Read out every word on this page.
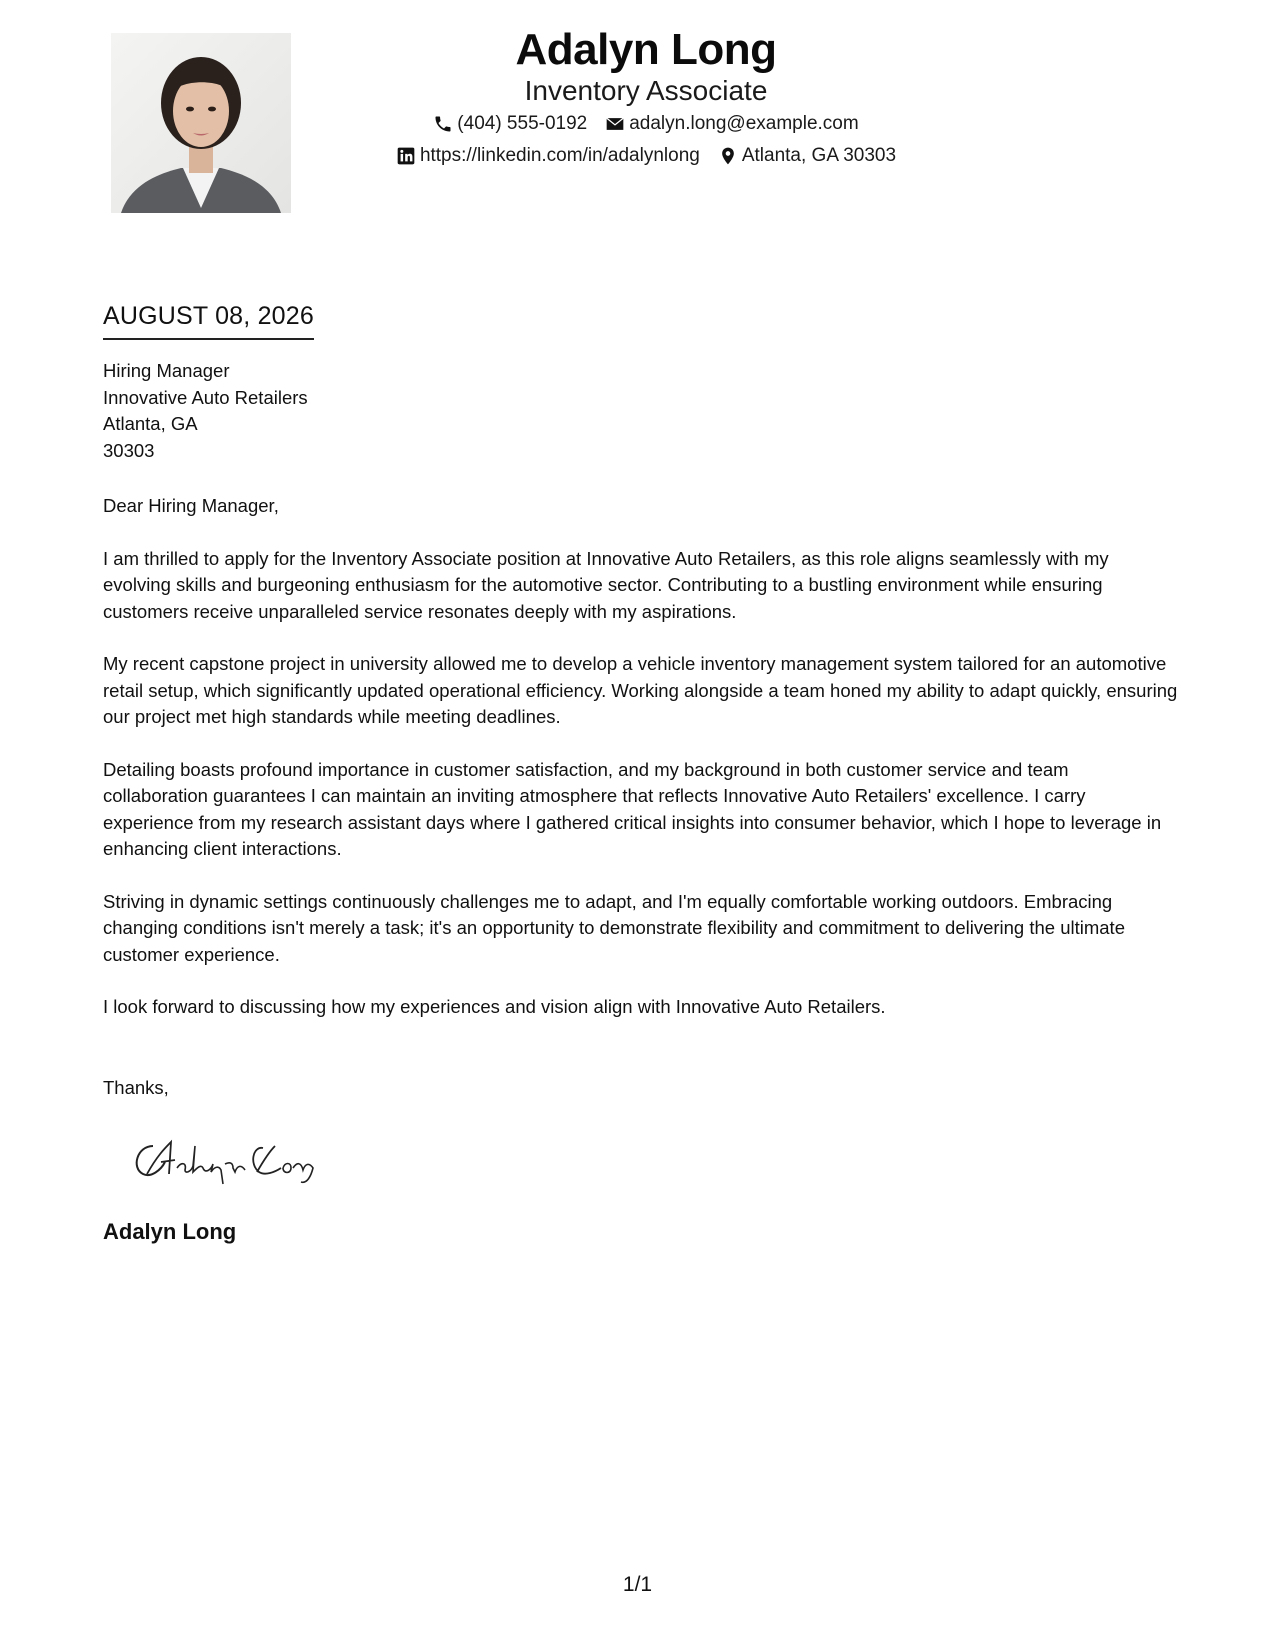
Adalyn Long
Inventory Associate
(404) 555-0192 adalyn.long@example.com
https://linkedin.com/in/adalynlong Atlanta, GA 30303
AUGUST 08, 2026
Hiring Manager
Innovative Auto Retailers
Atlanta, GA
30303

Dear Hiring Manager,

I am thrilled to apply for the Inventory Associate position at Innovative Auto Retailers, as this role aligns seamlessly with my evolving skills and burgeoning enthusiasm for the automotive sector. Contributing to a bustling environment while ensuring customers receive unparalleled service resonates deeply with my aspirations.

My recent capstone project in university allowed me to develop a vehicle inventory management system tailored for an automotive retail setup, which significantly updated operational efficiency. Working alongside a team honed my ability to adapt quickly, ensuring our project met high standards while meeting deadlines.

Detailing boasts profound importance in customer satisfaction, and my background in both customer service and team collaboration guarantees I can maintain an inviting atmosphere that reflects Innovative Auto Retailers' excellence. I carry experience from my research assistant days where I gathered critical insights into consumer behavior, which I hope to leverage in enhancing client interactions.

Striving in dynamic settings continuously challenges me to adapt, and I'm equally comfortable working outdoors. Embracing changing conditions isn't merely a task; it's an opportunity to demonstrate flexibility and commitment to delivering the ultimate customer experience.

I look forward to discussing how my experiences and vision align with Innovative Auto Retailers.

Thanks,
Adalyn Long
1/1
